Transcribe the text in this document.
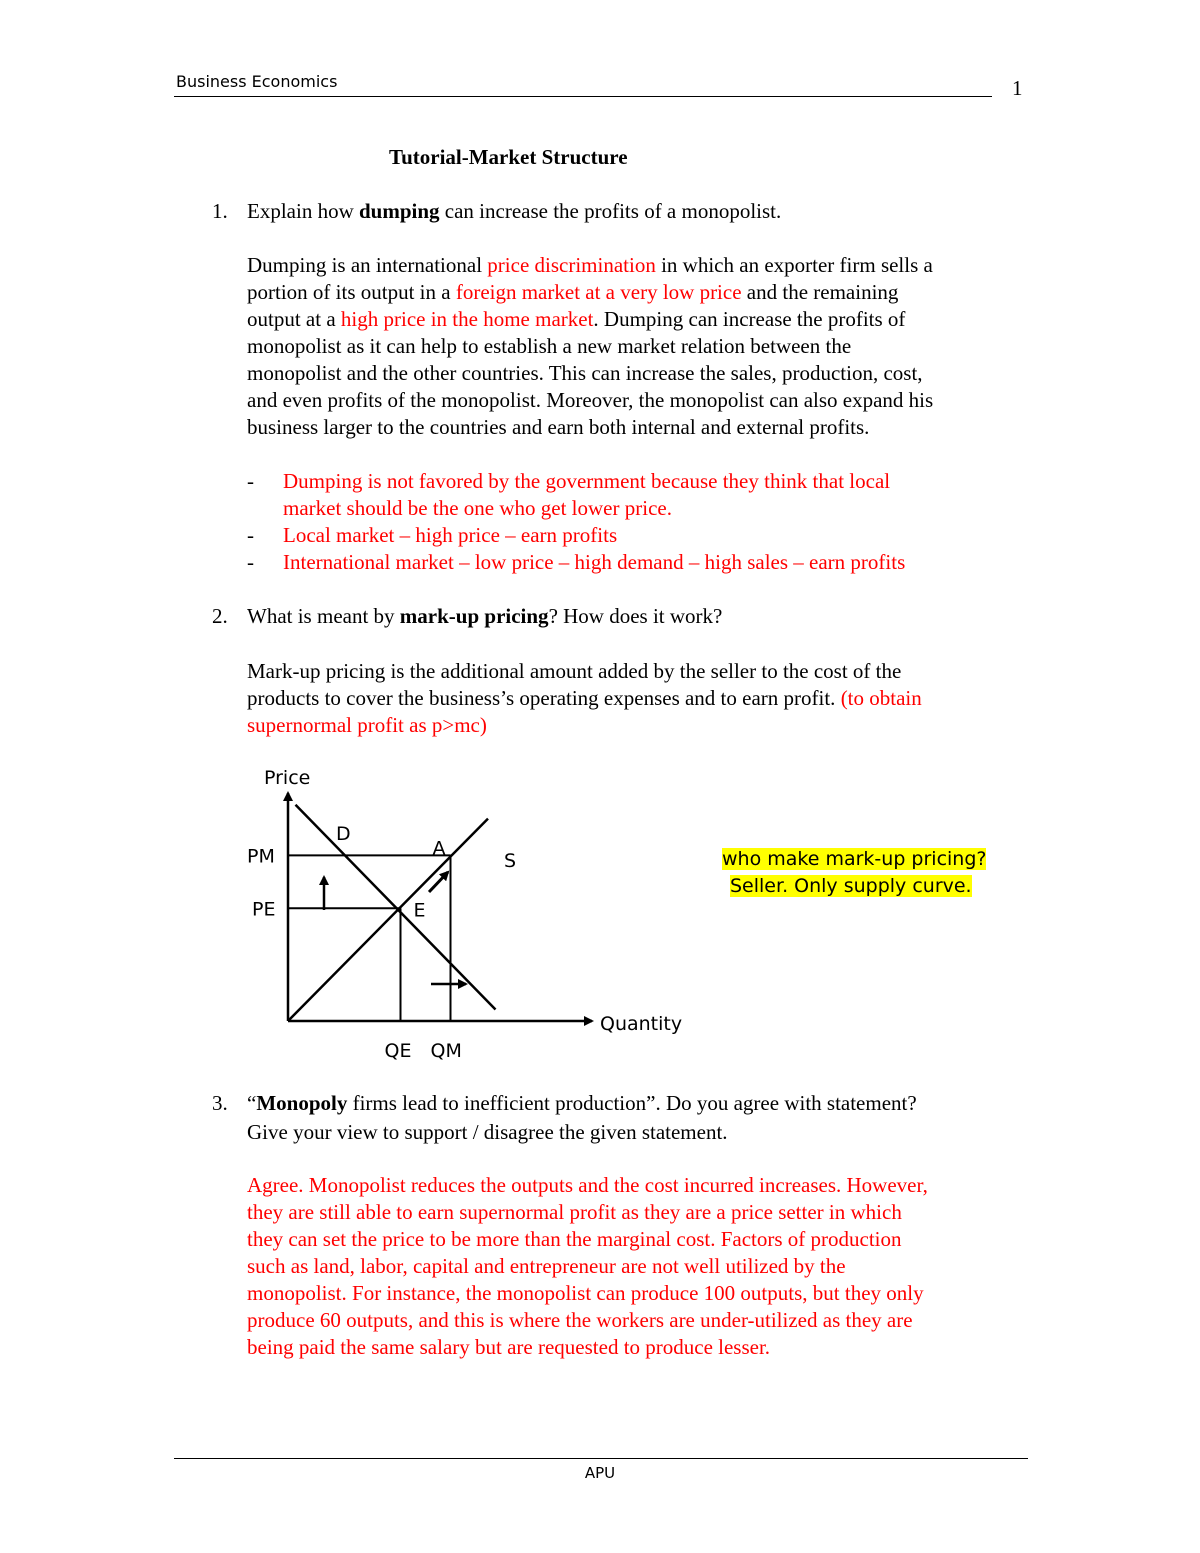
Business Economics	1
Tutorial-Market Structure
1. Explain how dumping can increase the profits of a monopolist.
Dumping is an international price discrimination in which an exporter firm sells a
portion of its output in a foreign market at a very low price and the remaining
output at a high price in the home market. Dumping can increase the profits of
monopolist as it can help to establish a new market relation between the
monopolist and the other countries. This can increase the sales, production, cost,
and even profits of the monopolist. Moreover, the monopolist can also expand his
business larger to the countries and earn both internal and external profits.
- Dumping is not favored by the government because they think that local
market should be the one who get lower price.
- Local market – high price – earn profits
- International market – low price – high demand – high sales – earn profits
2. What is meant by mark-up pricing? How does it work?
Mark-up pricing is the additional amount added by the seller to the cost of the
products to cover the business’s operating expenses and to earn profit. (to obtain
supernormal profit as p>mc)
Price
Quantity
PM
PE
QE QM
D
S
A
E
who make mark-up pricing?
Seller. Only supply curve.
3. “Monopoly firms lead to inefficient production”. Do you agree with statement?
Give your view to support / disagree the given statement.
Agree. Monopolist reduces the outputs and the cost incurred increases. However,
they are still able to earn supernormal profit as they are a price setter in which
they can set the price to be more than the marginal cost. Factors of production
such as land, labor, capital and entrepreneur are not well utilized by the
monopolist. For instance, the monopolist can produce 100 outputs, but they only
produce 60 outputs, and this is where the workers are under-utilized as they are
being paid the same salary but are requested to produce lesser.
APU
